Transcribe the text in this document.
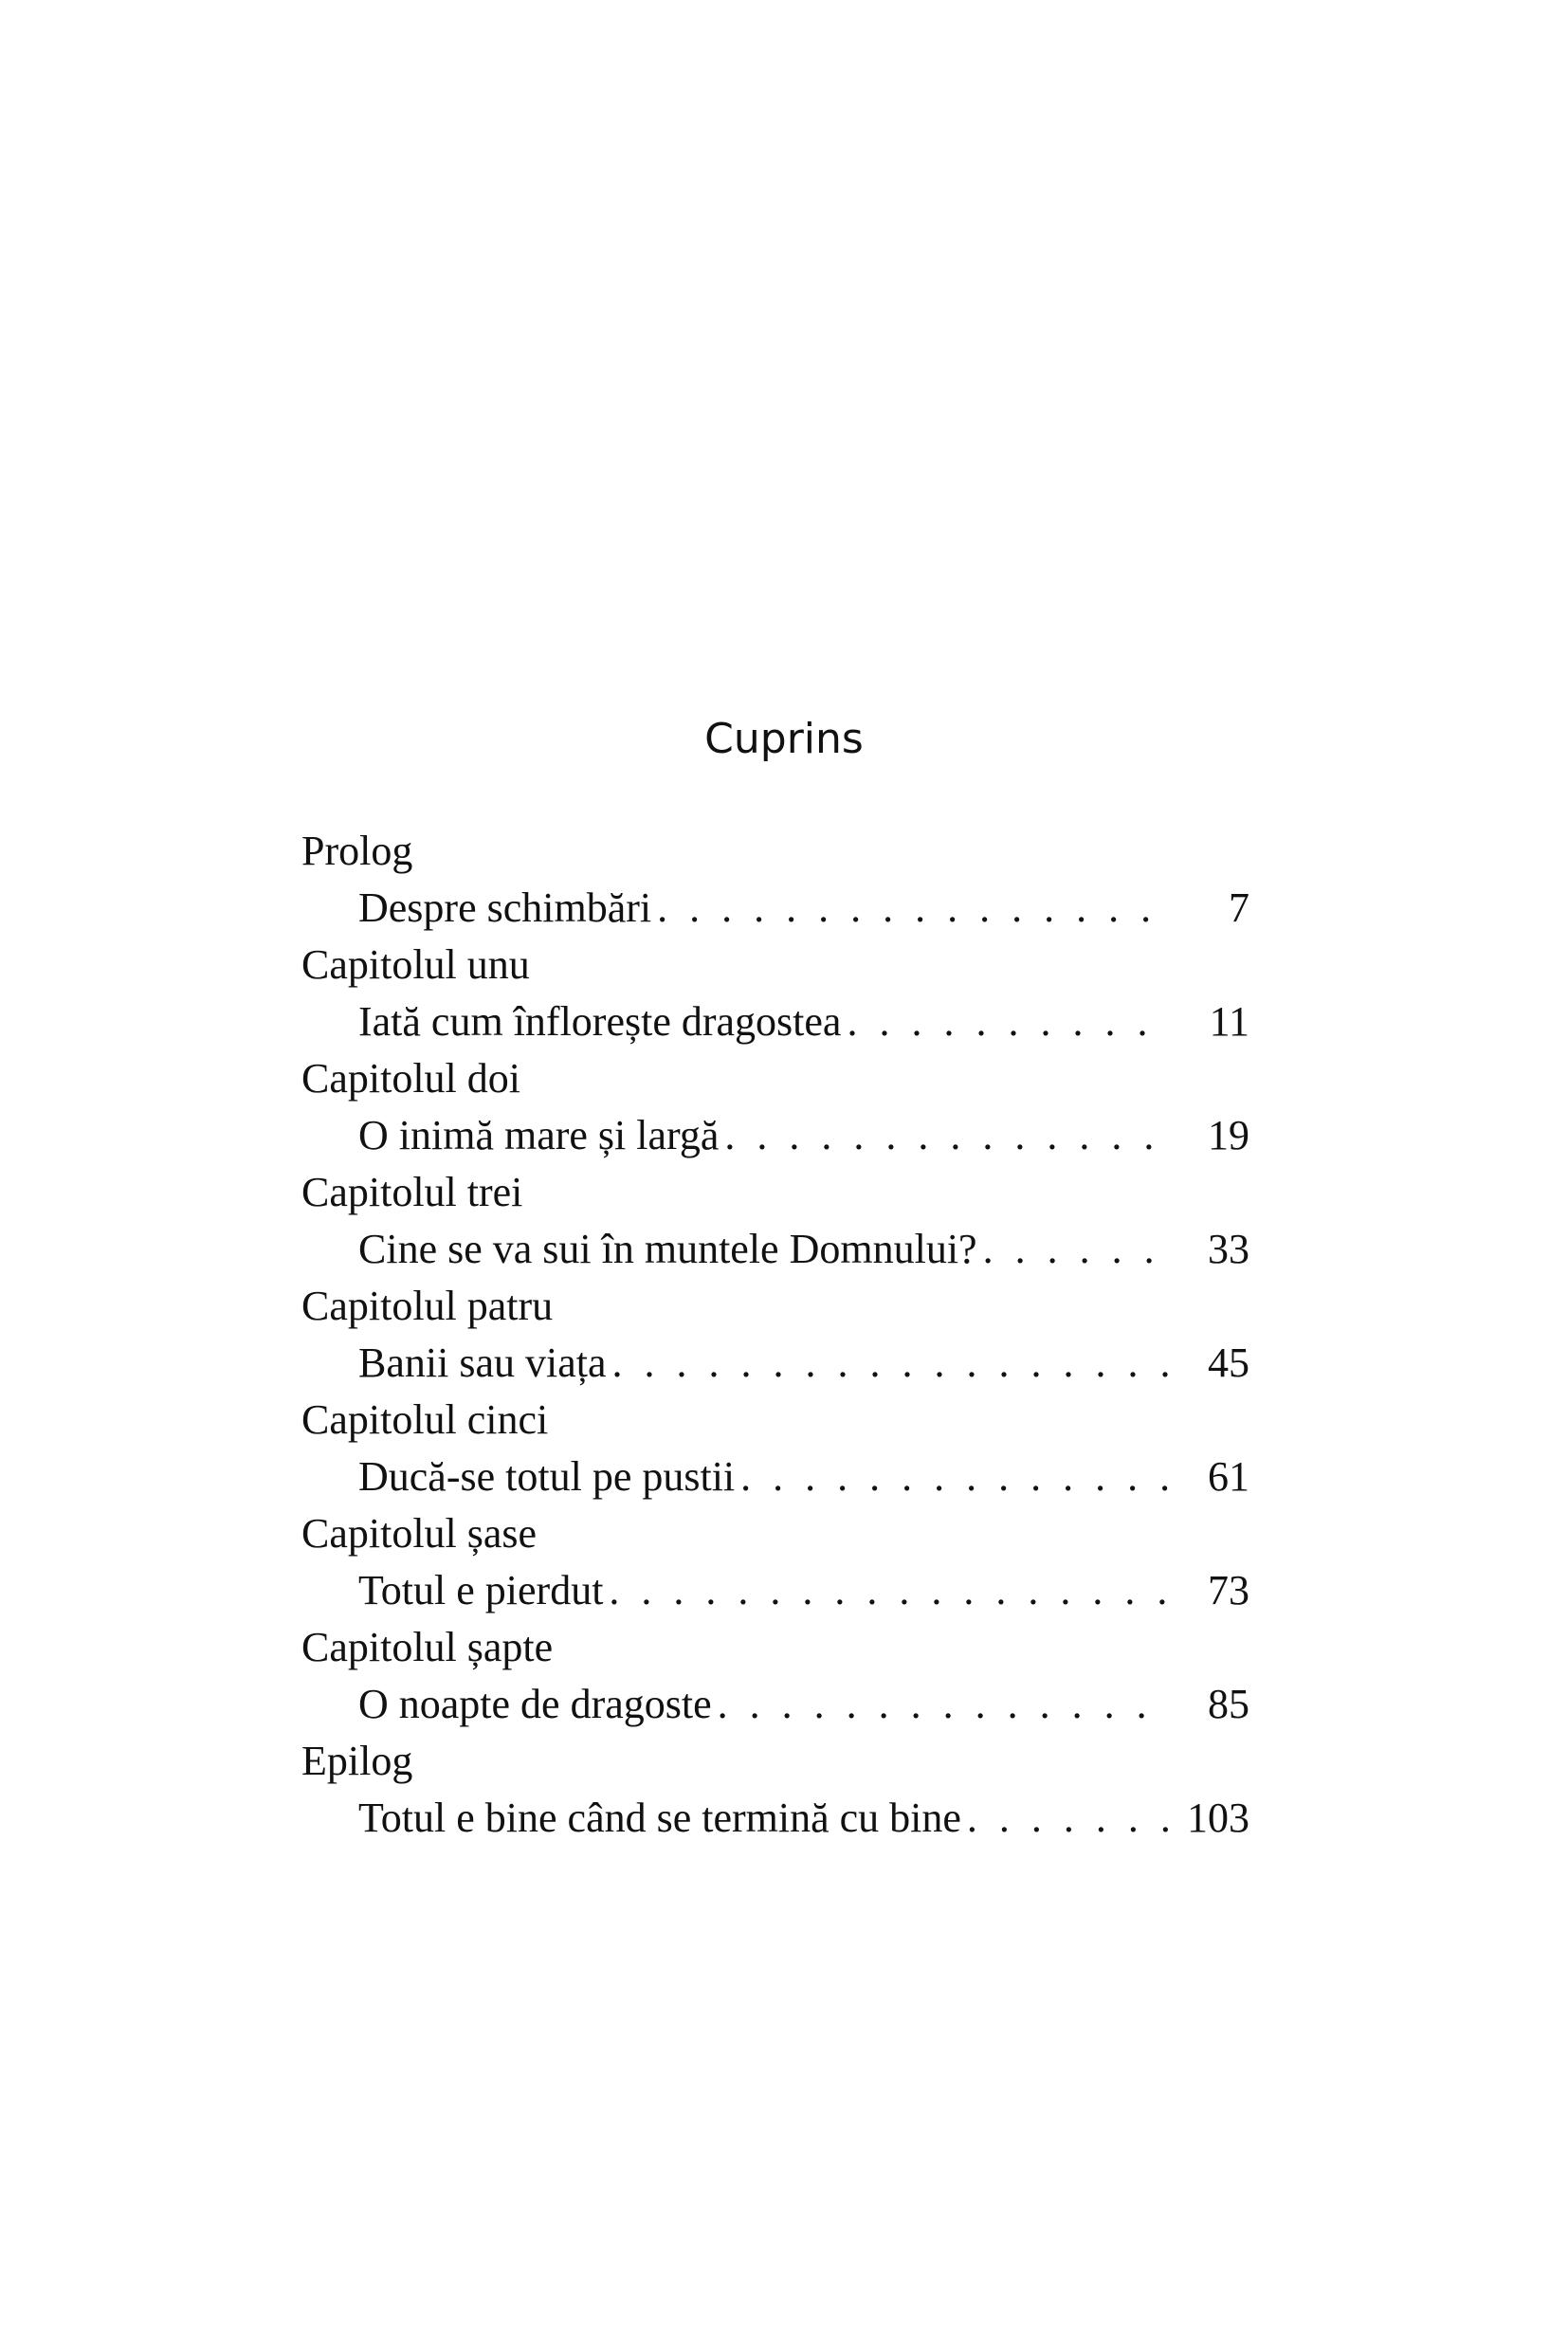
Cuprins
Prolog
Despre schimbări . . .	7
Capitolul unu
Iată cum înflorește dragostea . . .	11
Capitolul doi
O inimă mare și largă . . .	19
Capitolul trei
Cine se va sui în muntele Domnului? . . .	33
Capitolul patru
Banii sau viața . . .	45
Capitolul cinci
Ducă-se totul pe pustii . . .	61
Capitolul șase
Totul e pierdut . . .	73
Capitolul șapte
O noapte de dragoste . . .	85
Epilog
Totul e bine când se termină cu bine . . .	103
